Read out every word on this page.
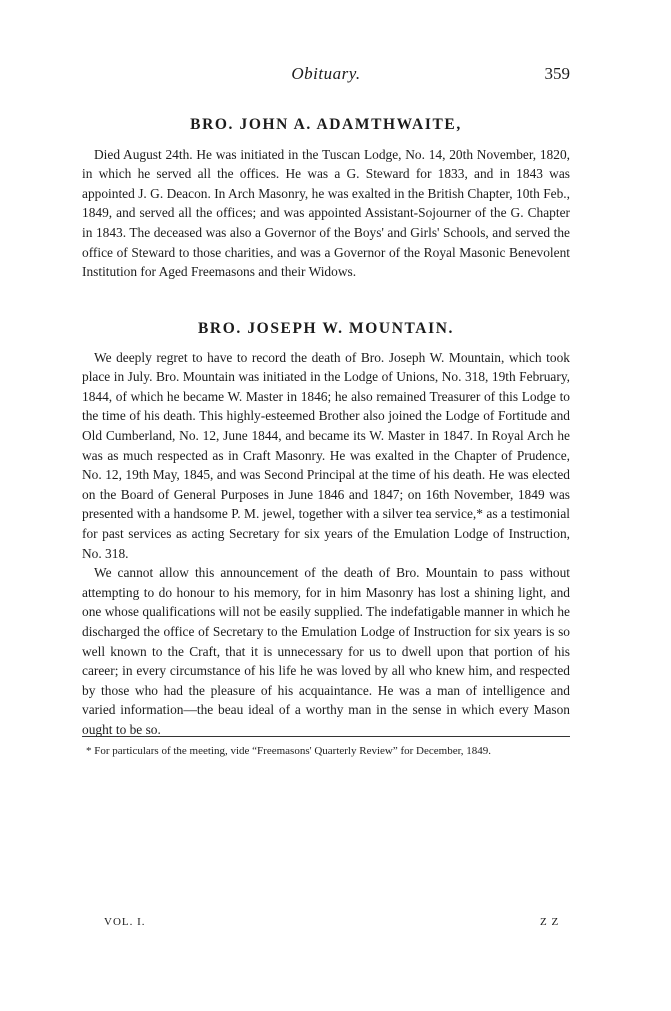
Obituary.	359
BRO. JOHN A. ADAMTHWAITE,

Died August 24th. He was initiated in the Tuscan Lodge, No. 14, 20th November, 1820, in which he served all the offices. He was a G. Steward for 1833, and in 1843 was appointed J. G. Deacon. In Arch Masonry, he was exalted in the British Chapter, 10th Feb., 1849, and served all the offices; and was appointed Assistant-Sojourner of the G. Chapter in 1843. The deceased was also a Governor of the Boys' and Girls' Schools, and served the office of Steward to those charities, and was a Governor of the Royal Masonic Benevolent Institution for Aged Freemasons and their Widows.

BRO. JOSEPH W. MOUNTAIN.

We deeply regret to have to record the death of Bro. Joseph W. Mountain, which took place in July. Bro. Mountain was initiated in the Lodge of Unions, No. 318, 19th February, 1844, of which he became W. Master in 1846; he also remained Treasurer of this Lodge to the time of his death. This highly-esteemed Brother also joined the Lodge of Fortitude and Old Cumberland, No. 12, June 1844, and became its W. Master in 1847. In Royal Arch he was as much respected as in Craft Masonry. He was exalted in the Chapter of Prudence, No. 12, 19th May, 1845, and was Second Principal at the time of his death. He was elected on the Board of General Purposes in June 1846 and 1847; on 16th November, 1849 was presented with a handsome P. M. jewel, together with a silver tea service,* as a testimonial for past services as acting Secretary for six years of the Emulation Lodge of Instruction, No. 318.

We cannot allow this announcement of the death of Bro. Mountain to pass without attempting to do honour to his memory, for in him Masonry has lost a shining light, and one whose qualifications will not be easily supplied. The indefatigable manner in which he discharged the office of Secretary to the Emulation Lodge of Instruction for six years is so well known to the Craft, that it is unnecessary for us to dwell upon that portion of his career; in every circumstance of his life he was loved by all who knew him, and respected by those who had the pleasure of his acquaintance. He was a man of intelligence and varied information—the beau ideal of a worthy man in the sense in which every Mason ought to be so.

* For particulars of the meeting, vide “Freemasons' Quarterly Review” for December, 1849.
VOL. I.	Z Z
